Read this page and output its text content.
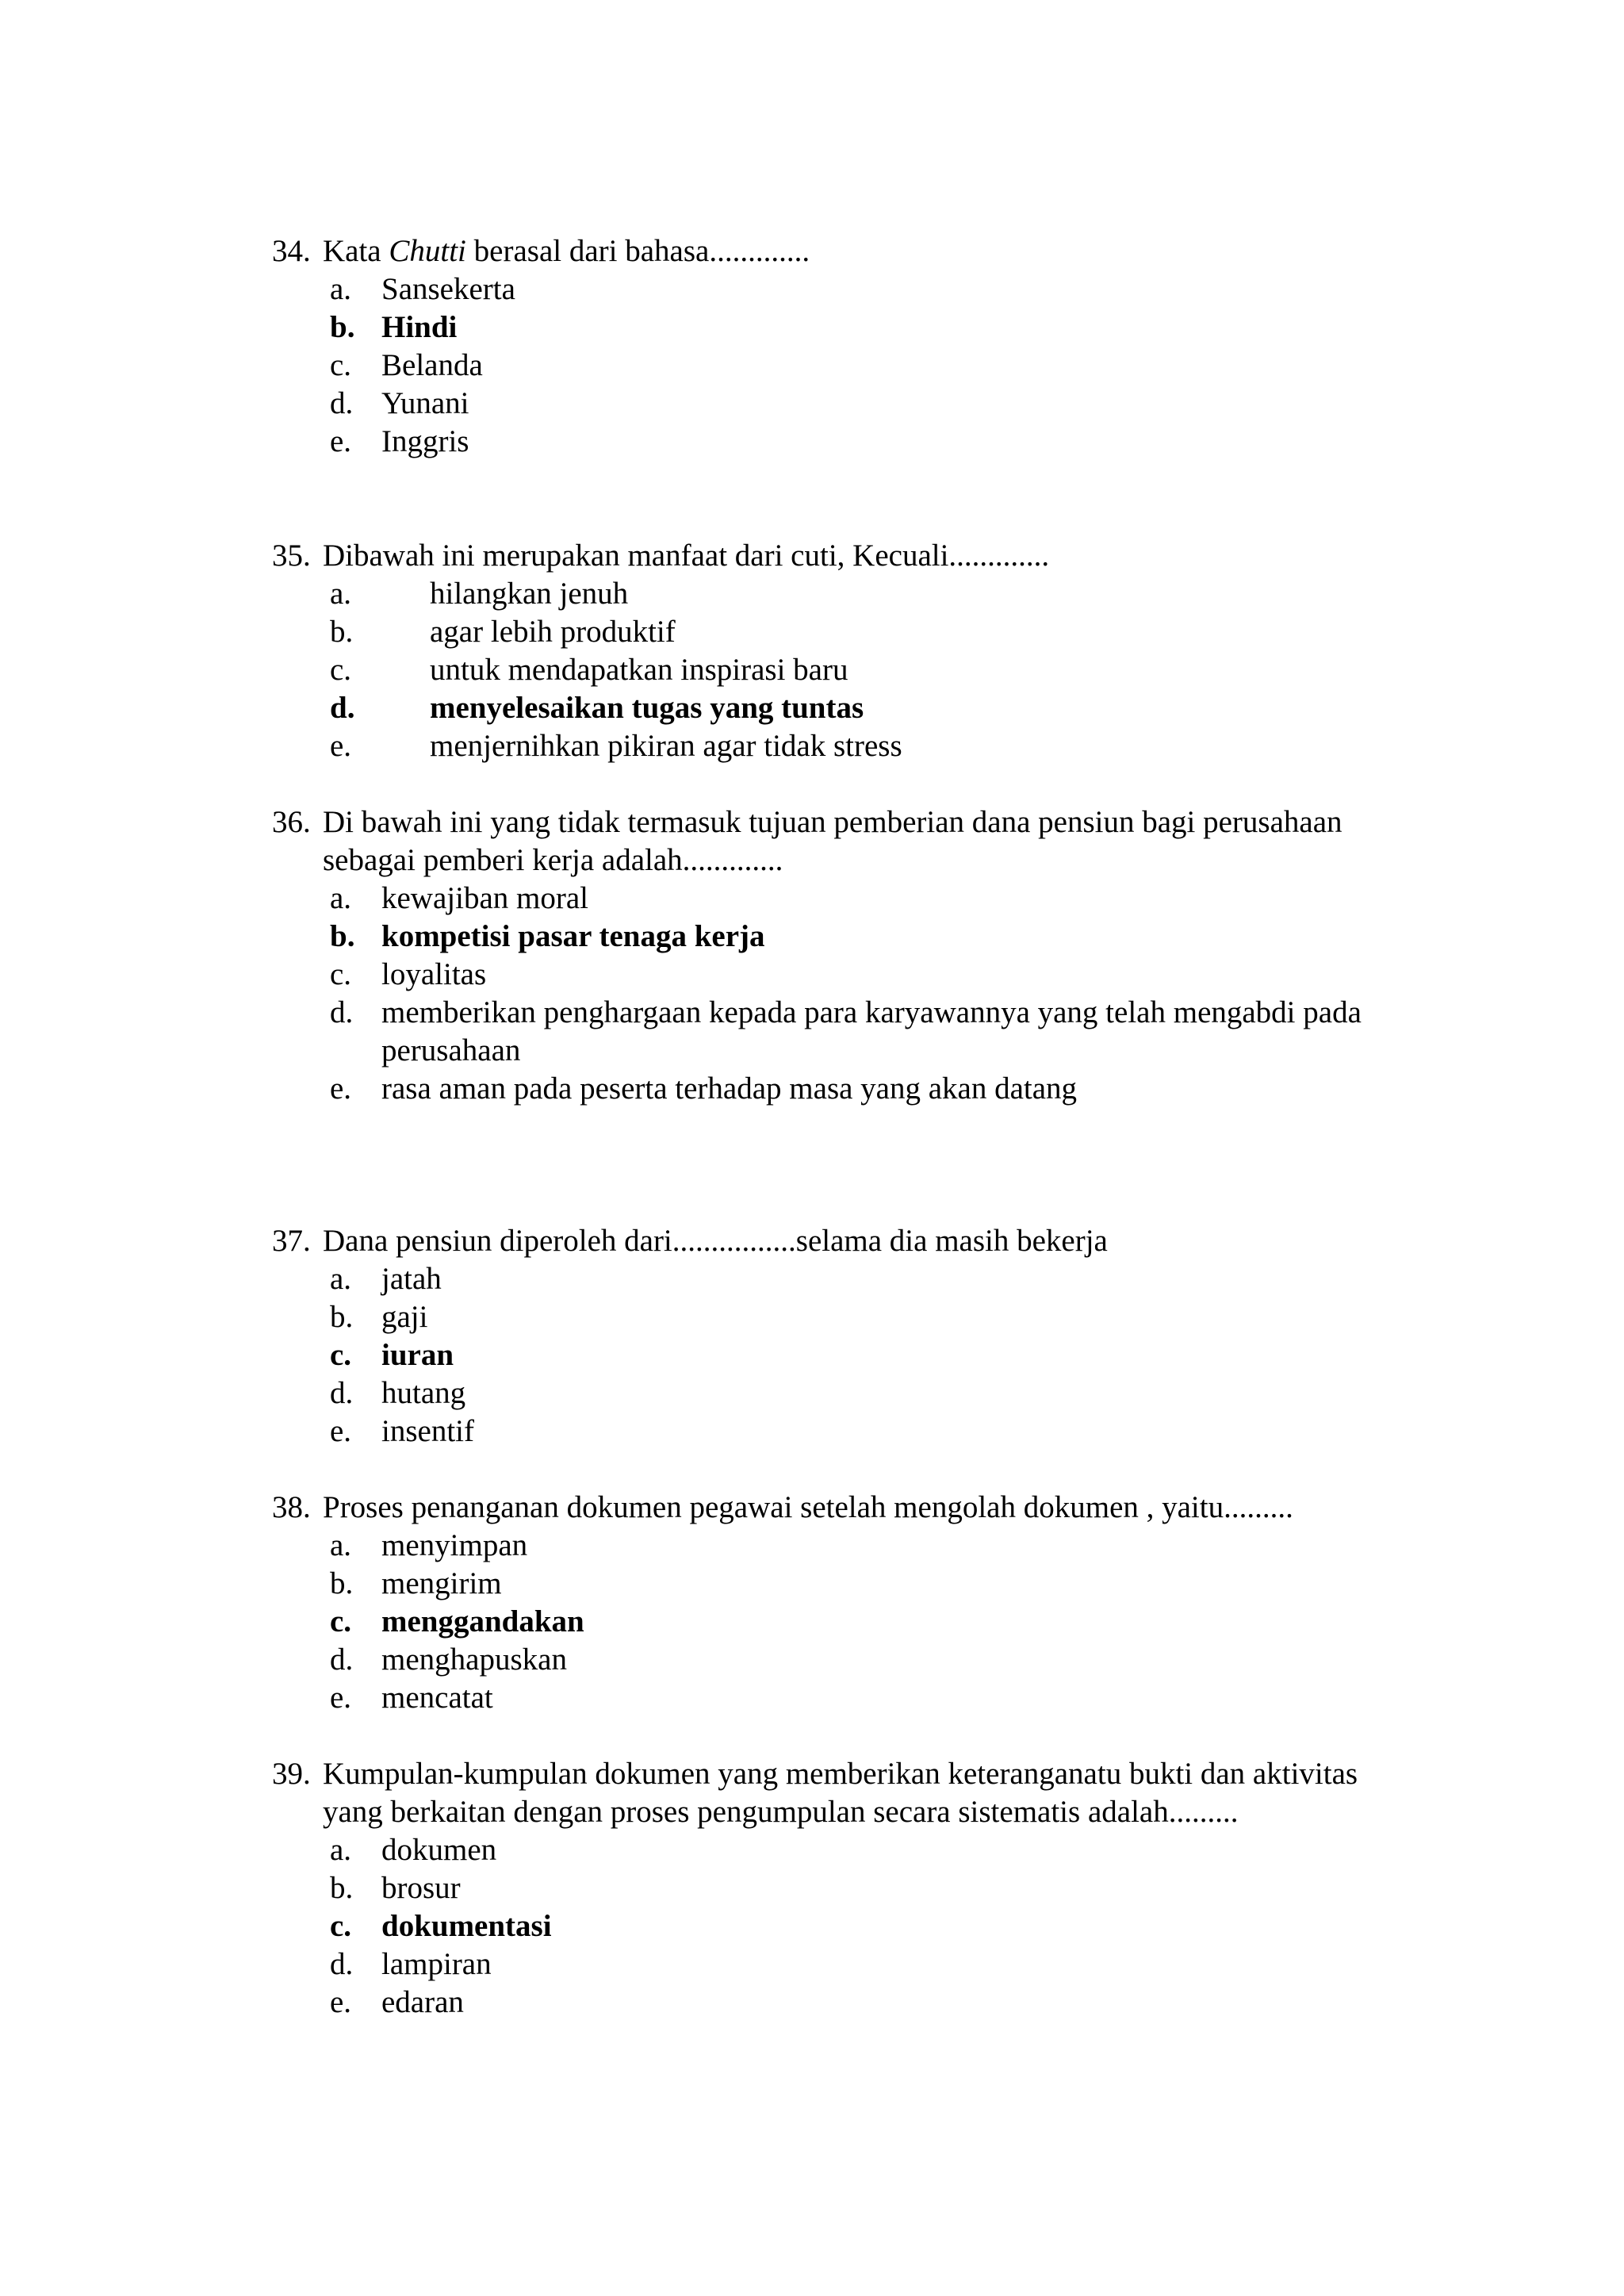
34. Kata Chutti berasal dari bahasa.............
a. Sansekerta
b. Hindi
c. Belanda
d. Yunani
e. Inggris
35. Dibawah ini merupakan manfaat dari cuti, Kecuali.............
a.	hilangkan jenuh
b. agar lebih produktif
c.	untuk mendapatkan inspirasi baru
d. menyelesaikan tugas yang tuntas
e.	menjernihkan pikiran agar tidak stress
36. Di bawah ini yang tidak termasuk tujuan pemberian dana pensiun bagi perusahaan
sebagai pemberi kerja adalah.............
a. kewajiban moral
b. kompetisi pasar tenaga kerja
c. loyalitas
d. memberikan penghargaan kepada para karyawannya yang telah mengabdi pada
perusahaan
e. rasa aman pada peserta terhadap masa yang akan datang
37. Dana pensiun diperoleh dari................selama dia masih bekerja
a. jatah
b. gaji
c. iuran
d. hutang
e. insentif
38. Proses penanganan dokumen pegawai setelah mengolah dokumen , yaitu.........
a. menyimpan
b. mengirim
c. menggandakan
d. menghapuskan
e. mencatat
39. Kumpulan-kumpulan dokumen yang memberikan keteranganatu bukti dan aktivitas
yang berkaitan dengan proses pengumpulan secara sistematis adalah.........
a. dokumen
b. brosur
c. dokumentasi
d. lampiran
e. edaran
